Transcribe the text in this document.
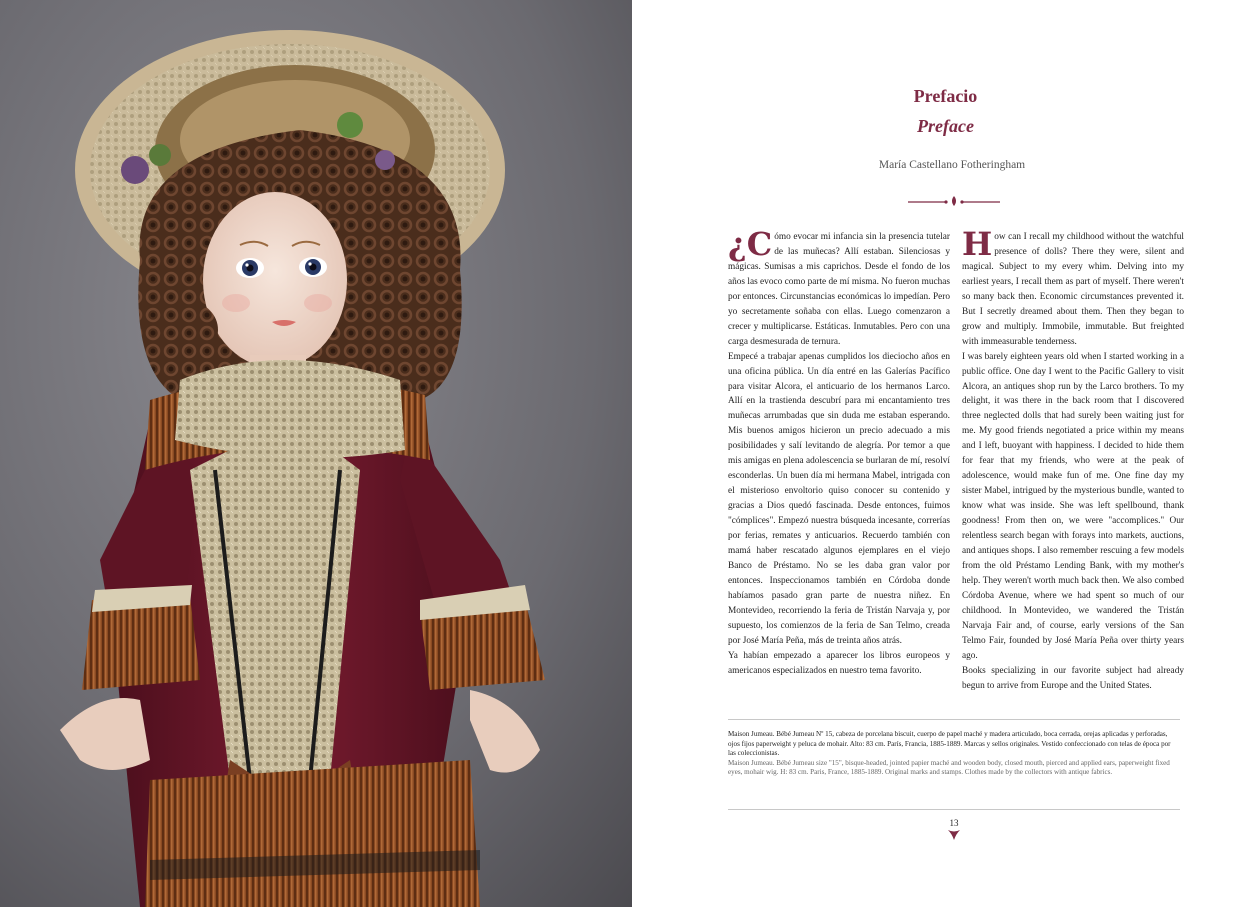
Prefacio
Preface
María Castellano Fotheringham

¿C ómo evocar mi infancia sin la presencia tutelar de las muñecas? Allí estaban. Silenciosas y mágicas. Sumisas a mis caprichos. Desde el fondo de los años las evoco como parte de mí misma. No fueron muchas por entonces. Circunstancias económicas lo impedían. Pero yo secretamente soñaba con ellas. Luego comenzaron a crecer y multiplicarse. Estáticas. Inmutables. Pero con una carga desmesurada de ternura.

Empecé a trabajar apenas cumplidos los dieciocho años en una oficina pública. Un día entré en las Galerías Pacífico para visitar Alcora, el anticuario de los hermanos Larco. Allí en la trastienda descubrí para mi encantamiento tres muñecas arrumbadas que sin duda me estaban esperando. Mis buenos amigos hicieron un precio adecuado a mis posibilidades y salí levitando de alegría. Por temor a que mis amigas en plena adolescencia se burlaran de mí, resolví esconderlas. Un buen día mi hermana Mabel, intrigada con el misterioso envoltorio quiso conocer su contenido y gracias a Dios quedó fascinada. Desde entonces, fuimos "cómplices". Empezó nuestra búsqueda incesante, correrías por ferias, remates y anticuarios. Recuerdo también con mamá haber rescatado algunos ejemplares en el viejo Banco de Préstamo. No se les daba gran valor por entonces. Inspeccionamos también en Córdoba donde habíamos pasado gran parte de nuestra niñez. En Montevideo, recorriendo la feria de Tristán Narvaja y, por supuesto, los comienzos de la feria de San Telmo, creada por José María Peña, más de treinta años atrás.

Ya habían empezado a aparecer los libros europeos y americanos especializados en nuestro tema favorito.

How can I recall my childhood without the watchful presence of dolls? There they were, silent and magical. Subject to my every whim. Delving into my earliest years, I recall them as part of myself. There weren't so many back then. Economic circumstances prevented it. But I secretly dreamed about them. Then they began to grow and multiply. Immobile, immutable. But freighted with immeasurable tenderness.

I was barely eighteen years old when I started working in a public office. One day I went to the Pacific Gallery to visit Alcora, an antiques shop run by the Larco brothers. To my delight, it was there in the back room that I discovered three neglected dolls that had surely been waiting just for me. My good friends negotiated a price within my means and I left, buoyant with happiness. I decided to hide them for fear that my friends, who were at the peak of adolescence, would make fun of me. One fine day my sister Mabel, intrigued by the mysterious bundle, wanted to know what was inside. She was left spellbound, thank goodness! From then on, we were "accomplices." Our relentless search began with forays into markets, auctions, and antiques shops. I also remember rescuing a few models from the old Préstamo Lending Bank, with my mother's help. They weren't worth much back then. We also combed Córdoba Avenue, where we had spent so much of our childhood. In Montevideo, we wandered the Tristán Narvaja Fair and, of course, early versions of the San Telmo Fair, founded by José María Peña over thirty years ago.

Books specializing in our favorite subject had already begun to arrive from Europe and the United States.

Maison Jumeau. Bébé Jumeau Nº 15, cabeza de porcelana biscuit, cuerpo de papel maché y madera articulado, boca cerrada, orejas aplicadas y perforadas, ojos fijos paperweight y peluca de mohair. Alto: 83 cm. París, Francia, 1885-1889. Marcas y sellos originales. Vestido confeccionado con telas de época por las coleccionistas.

Maison Jumeau. Bébé Jumeau size "15", bisque-headed, jointed papier maché and wooden body, closed mouth, pierced and applied ears, paperweight fixed eyes, mohair wig. H: 83 cm. Paris, France, 1885-1889. Original marks and stamps. Clothes made by the collectors with antique fabrics.

13
